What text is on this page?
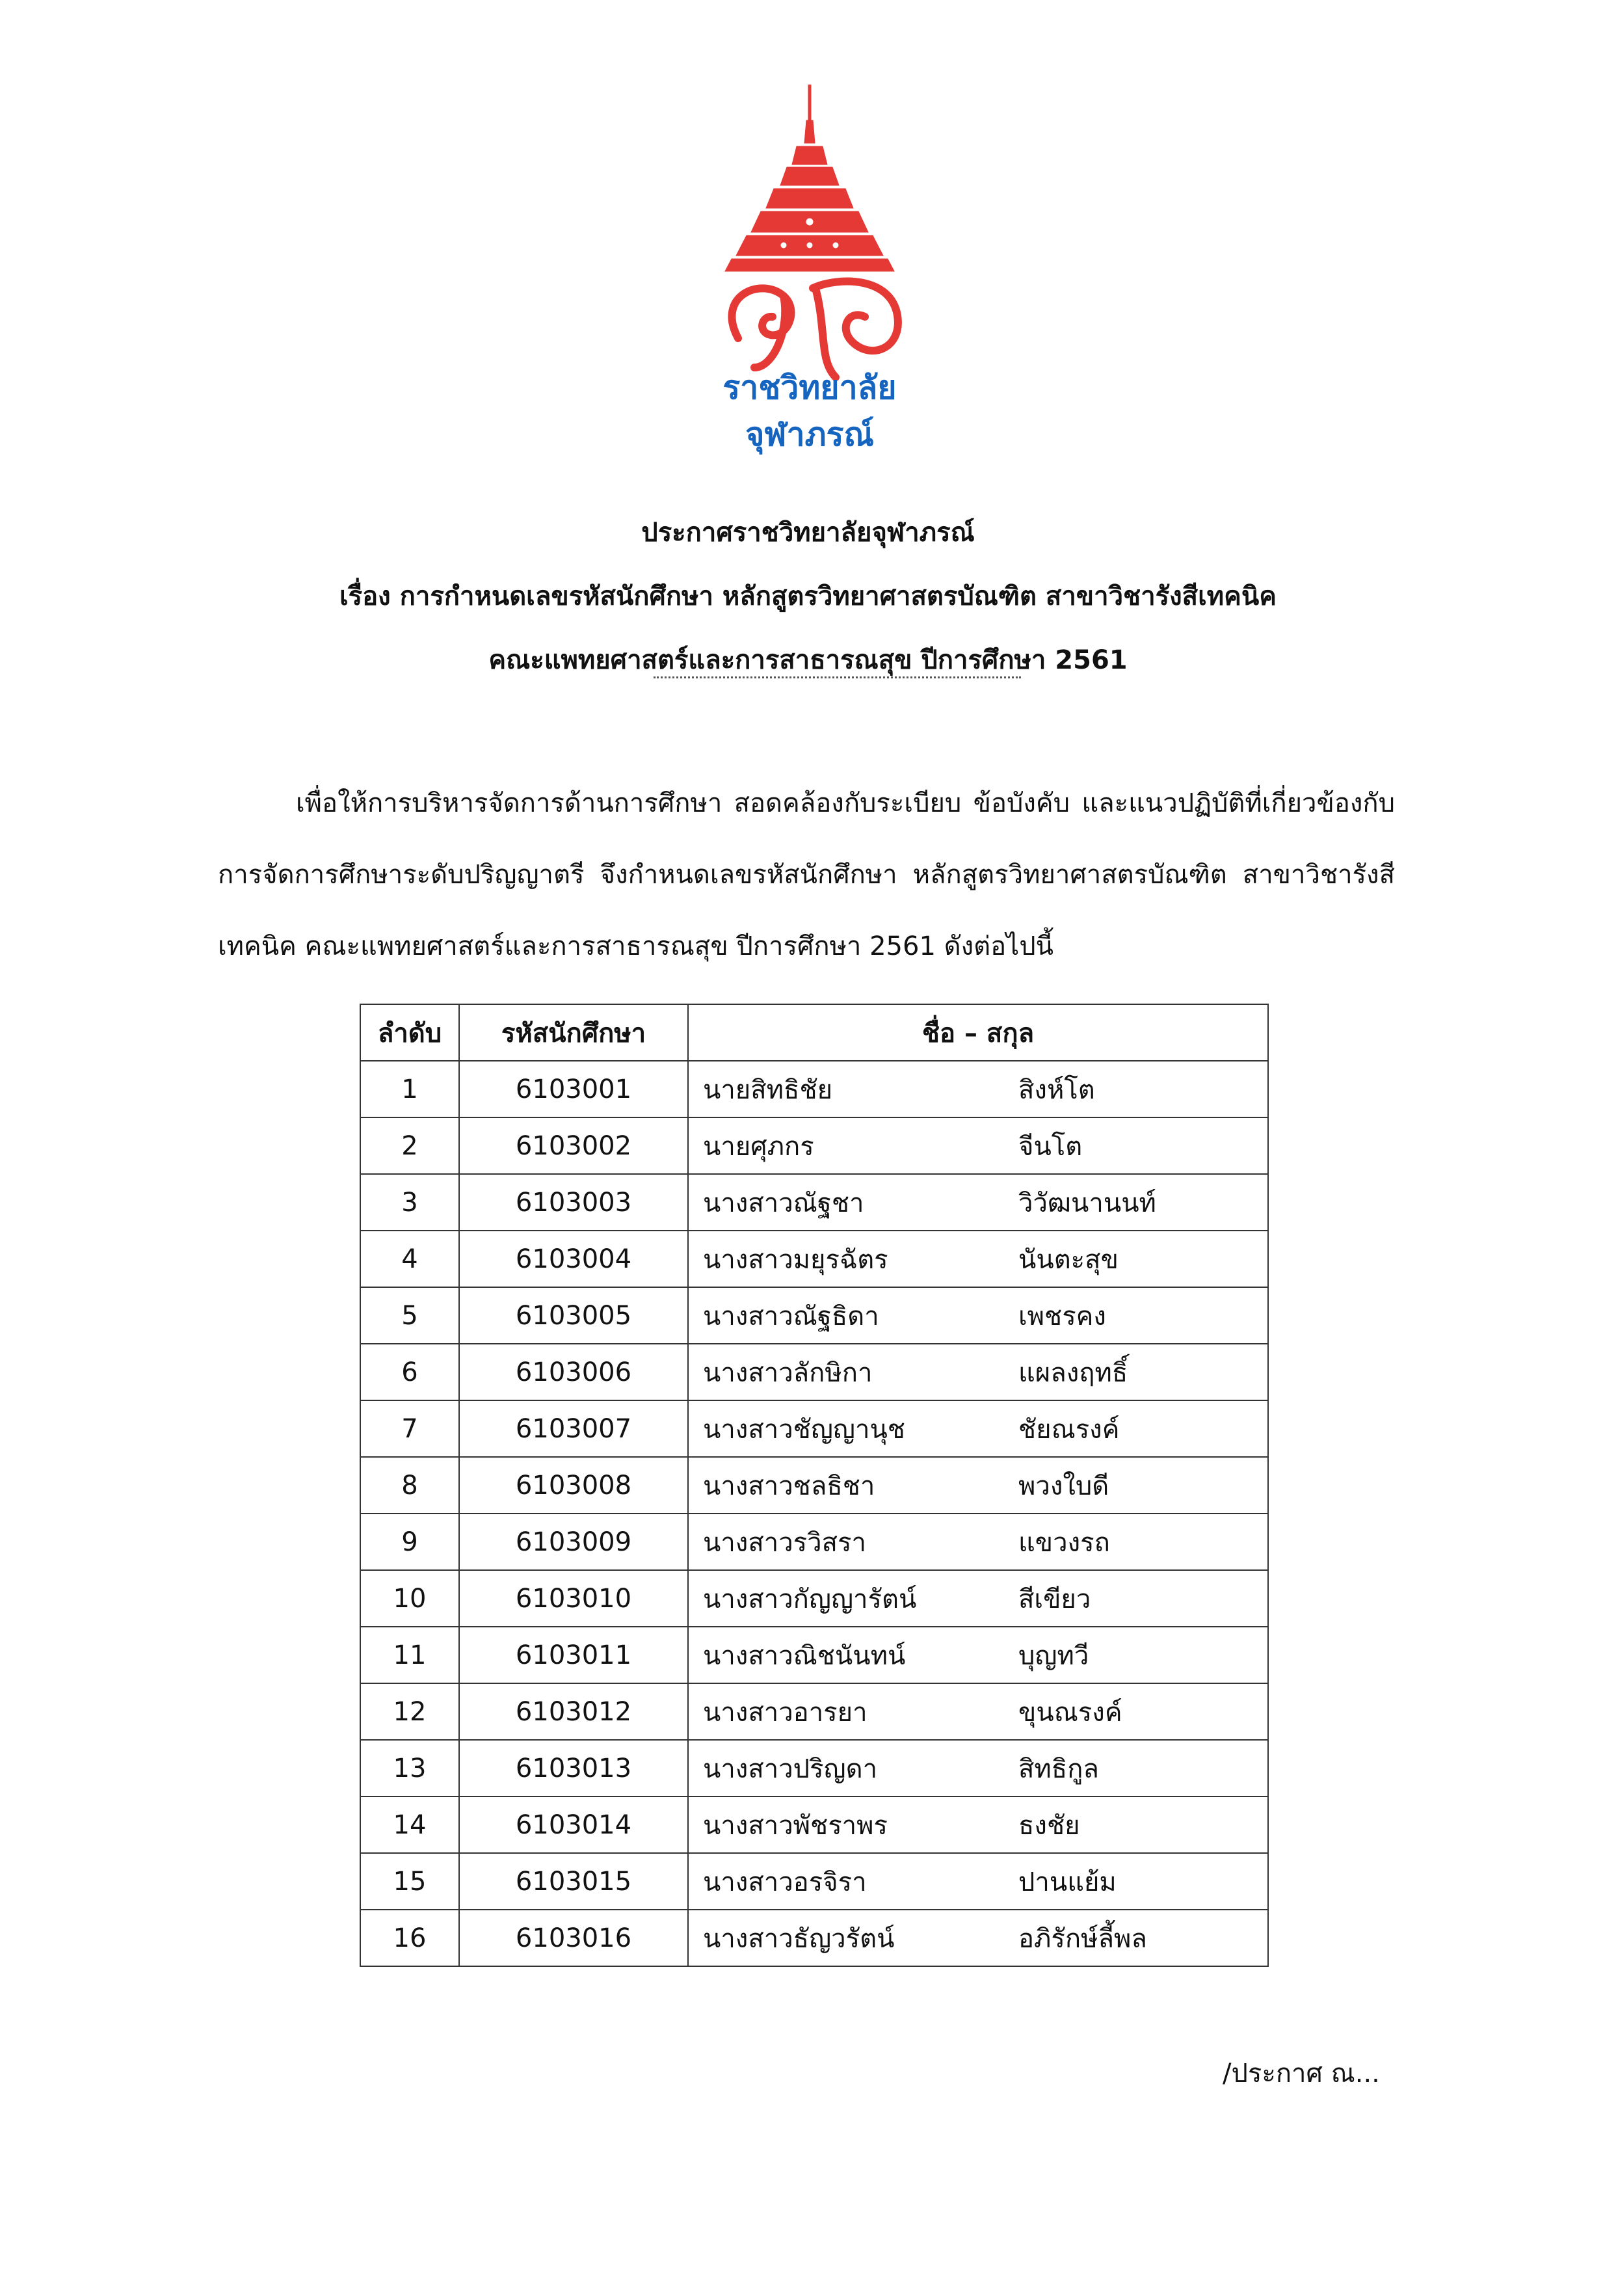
ราชวิทยาลัย
จุฬาภรณ์
ประกาศราชวิทยาลัยจุฬาภรณ์
เรื่อง การกำหนดเลขรหัสนักศึกษา หลักสูตรวิทยาศาสตรบัณฑิต สาขาวิชารังสีเทคนิค
คณะแพทยศาสตร์และการสาธารณสุข ปีการศึกษา 2561
เพื่อให้การบริหารจัดการด้านการศึกษา สอดคล้องกับระเบียบ ข้อบังคับ และแนวปฏิบัติที่เกี่ยวข้องกับการจัดการศึกษาระดับปริญญาตรี จึงกำหนดเลขรหัสนักศึกษา หลักสูตรวิทยาศาสตรบัณฑิต สาขาวิชารังสีเทคนิค คณะแพทยศาสตร์และการสาธารณสุข ปีการศึกษา 2561 ดังต่อไปนี้
ลำดับ	รหัสนักศึกษา	ชื่อ – สกุล
1	6103001	นายสิทธิชัย สิงห์โต
2	6103002	นายศุภกร จีนโต
3	6103003	นางสาวณัฐชา วิวัฒนานนท์
4	6103004	นางสาวมยุรฉัตร นันตะสุข
5	6103005	นางสาวณัฐธิดา เพชรคง
6	6103006	นางสาวลักษิกา แผลงฤทธิ์
7	6103007	นางสาวชัญญานุช ชัยณรงค์
8	6103008	นางสาวชลธิชา พวงใบดี
9	6103009	นางสาวรวิสรา แขวงรถ
10	6103010	นางสาวกัญญารัตน์ สีเขียว
11	6103011	นางสาวณิชนันทน์ บุญทวี
12	6103012	นางสาวอารยา ขุนณรงค์
13	6103013	นางสาวปริญดา สิทธิกูล
14	6103014	นางสาวพัชราพร ธงชัย
15	6103015	นางสาวอรจิรา ปานแย้ม
16	6103016	นางสาวธัญวรัตน์ อภิรักษ์ลี้พล
/ประกาศ ณ...
